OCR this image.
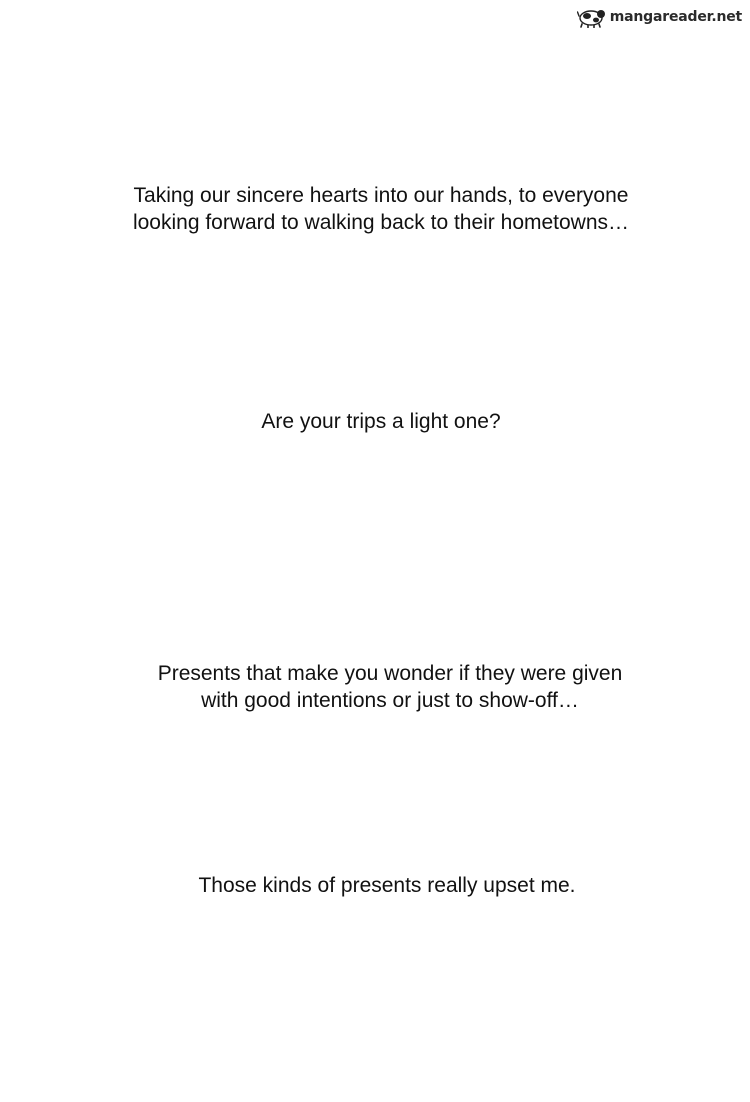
mangareader.net
Taking our sincere hearts into our hands, to everyone
looking forward to walking back to their hometowns…
Are your trips a light one?
Presents that make you wonder if they were given
with good intentions or just to show-off…
Those kinds of presents really upset me.
